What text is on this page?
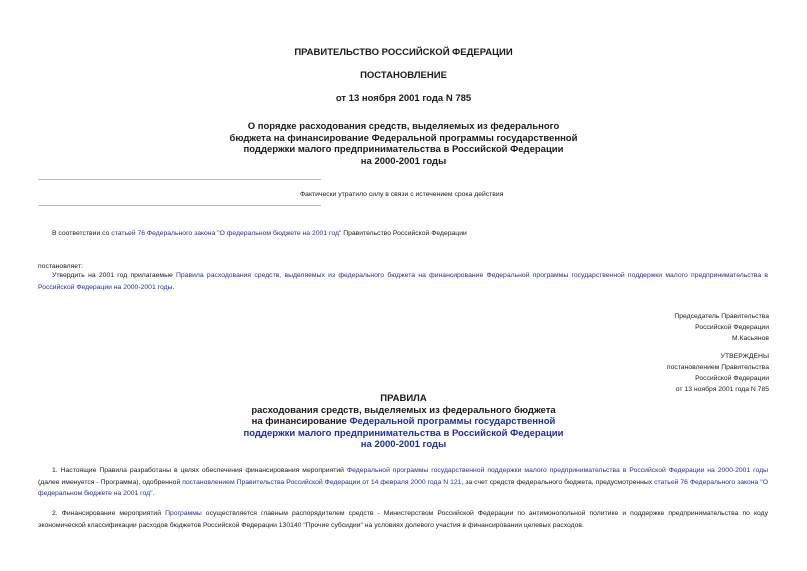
ПРАВИТЕЛЬСТВО РОССИЙСКОЙ ФЕДЕРАЦИИ
ПОСТАНОВЛЕНИЕ
от 13 ноября 2001 года N 785
О порядке расходования средств, выделяемых из федерального
бюджета на финансирование Федеральной программы государственной
поддержки малого предпринимательства в Российской Федерации
на 2000-2001 годы
Фактически утратило силу в связи с истечением срока действия
В соответствии со статьей 76 Федерального закона "О федеральном бюджете на 2001 год" Правительство Российской Федерации
постановляет:
Утвердить на 2001 год прилагаемые Правила расходования средств, выделяемых из федерального бюджета на финансирование Федеральной программы государственной поддержки малого предпринимательства в Российской Федерации на 2000-2001 годы.
Председатель Правительства
Российской Федерации
М.Касьянов
УТВЕРЖДЕНЫ
постановлением Правительства
Российской Федерации
от 13 ноября 2001 года N 785
ПРАВИЛА
расходования средств, выделяемых из федерального бюджета
на финансирование Федеральной программы государственной
поддержки малого предпринимательства в Российской Федерации
на 2000-2001 годы
1. Настоящие Правила разработаны в целях обеспечения финансирования мероприятий Федеральной программы государственной поддержки малого предпринимательства в Российской Федерации на 2000-2001 годы (далее именуется - Программа), одобренной постановлением Правительства Российской Федерации от 14 февраля 2000 года N 121, за счет средств федерального бюджета, предусмотренных статьей 76 Федерального закона "О федеральном бюджете на 2001 год".
2. Финансирование мероприятий Программы осуществляется главным распорядителем средств - Министерством Российской Федерации по антимонопольной политике и поддержке предпринимательства по коду экономической классификации расходов бюджетов Российской Федерации 130140 "Прочие субсидии" на условиях долевого участия в финансировании целевых расходов.
